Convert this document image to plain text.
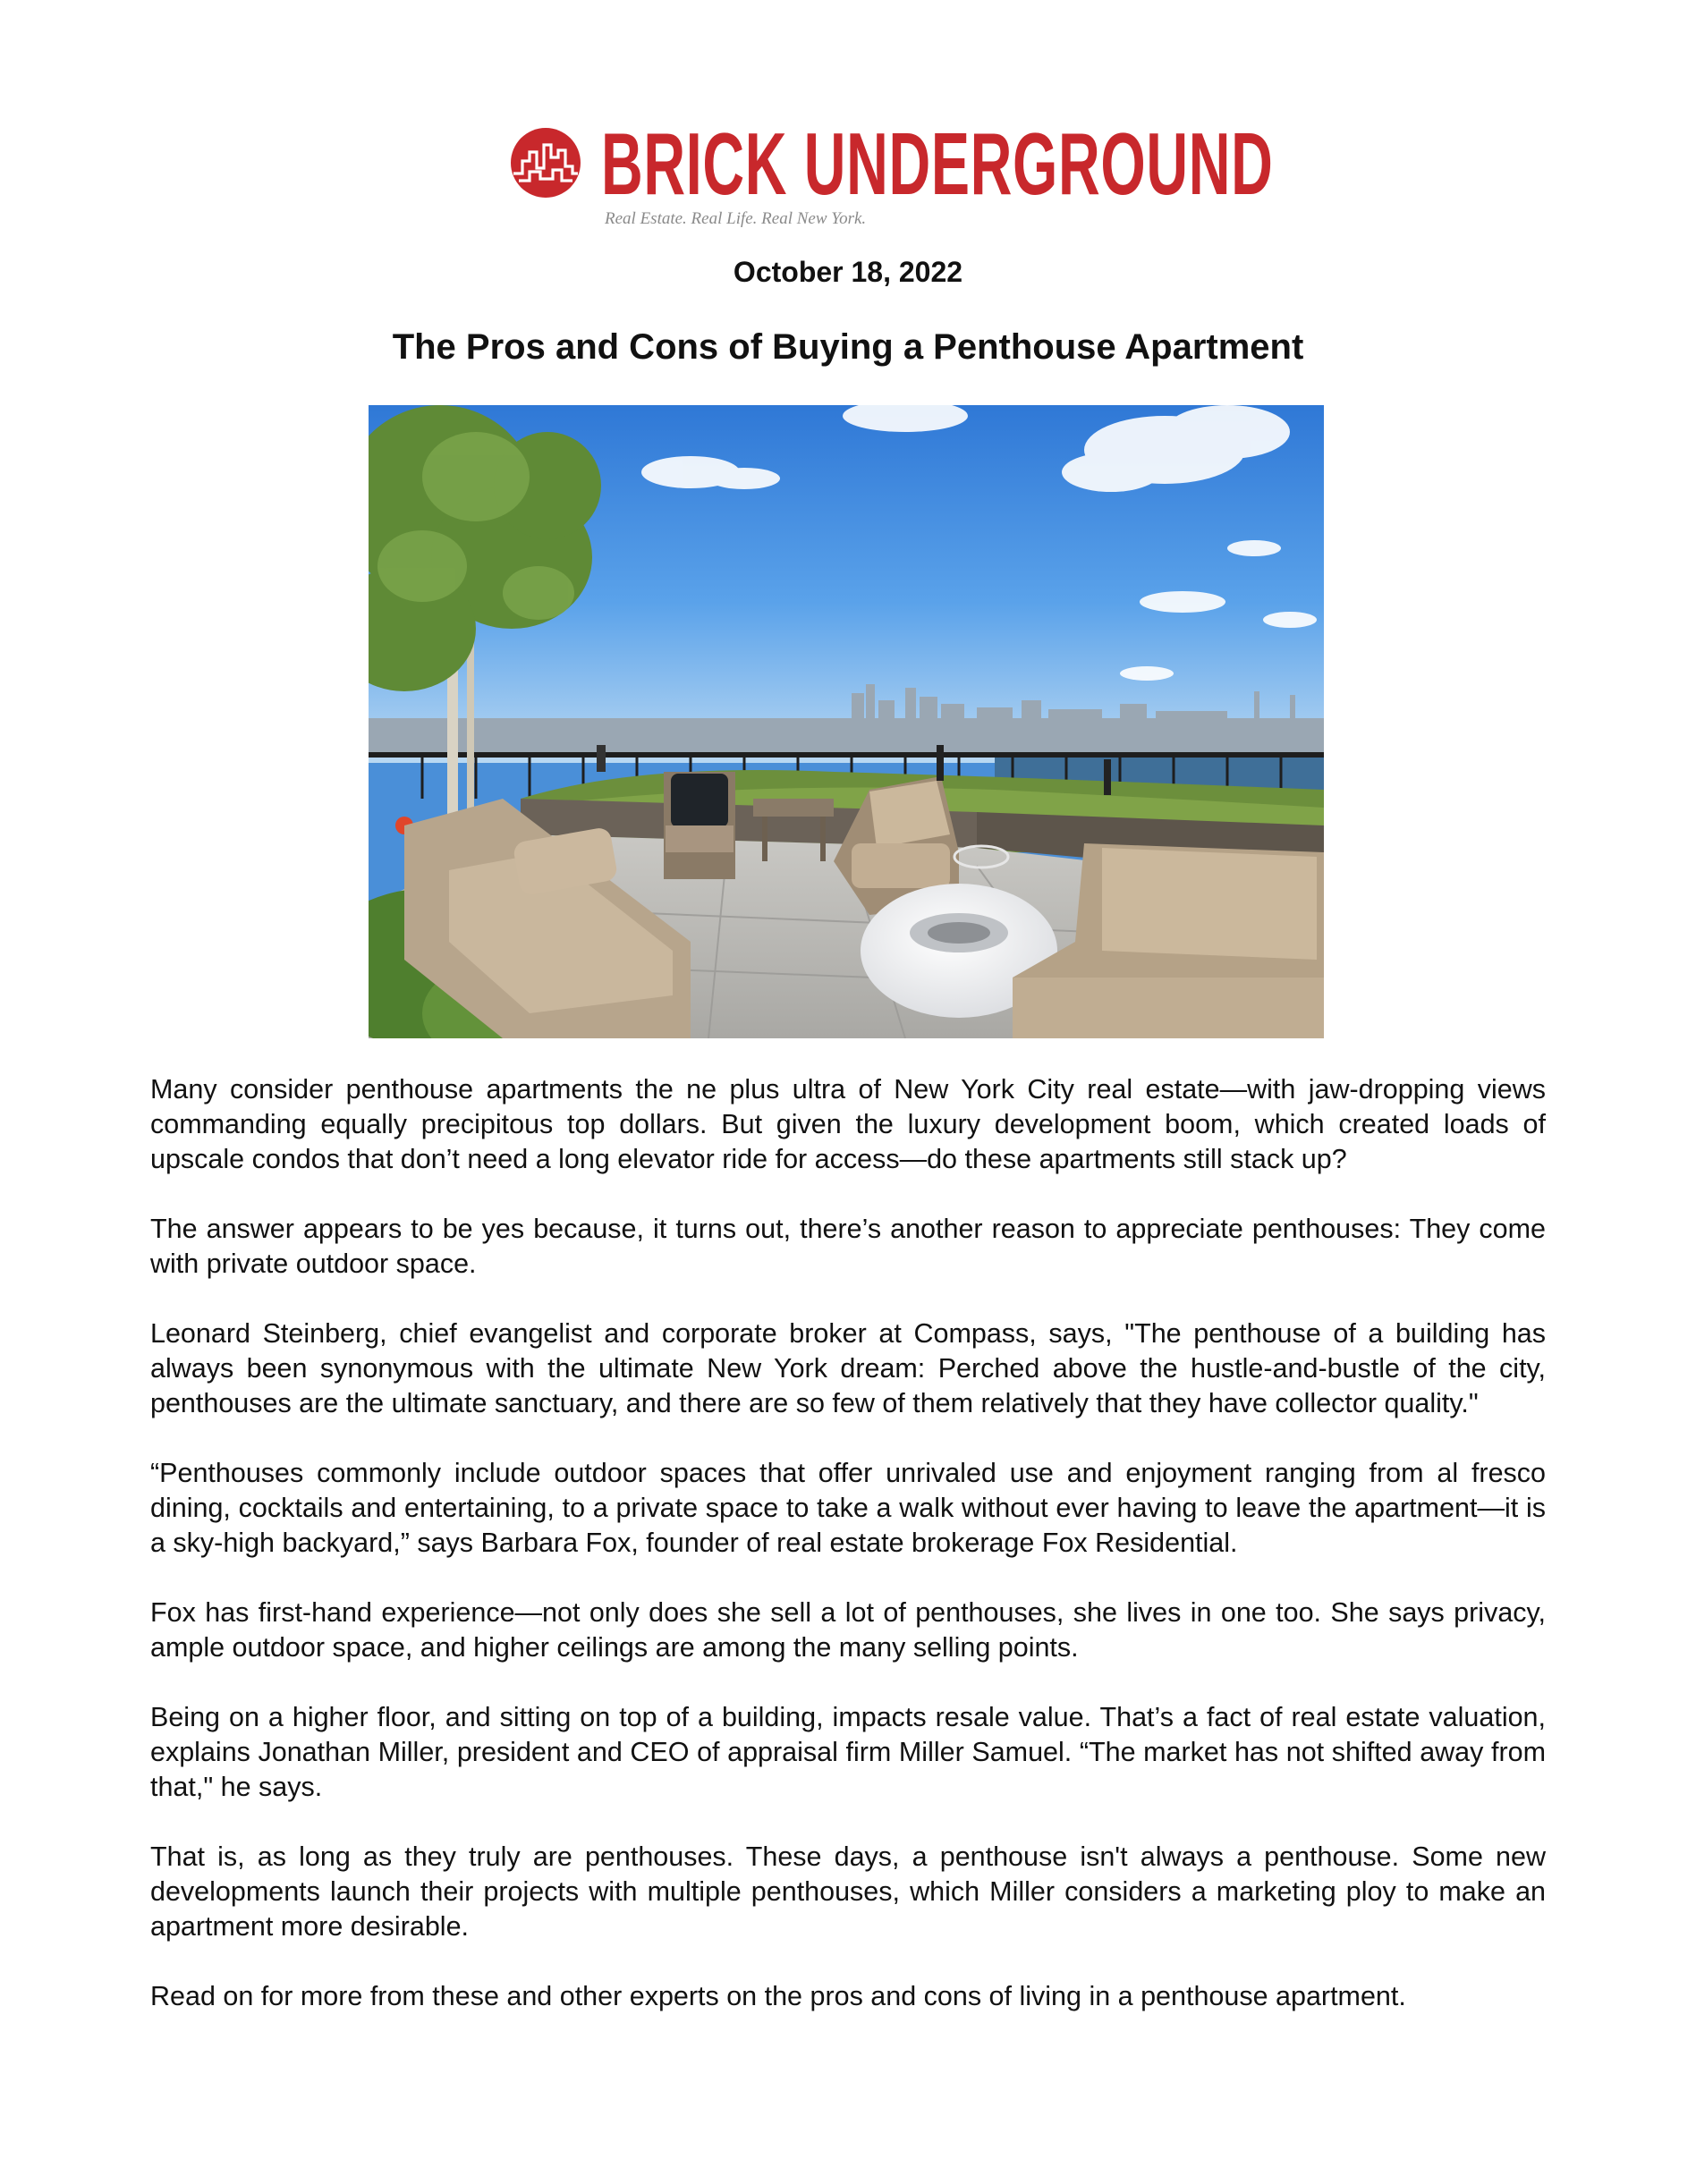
BRICK UNDERGROUND
Real Estate. Real Life. Real New York.
October 18, 2022
The Pros and Cons of Buying a Penthouse Apartment

Many consider penthouse apartments the ne plus ultra of New York City real estate—with jaw-dropping views commanding equally precipitous top dollars. But given the luxury development boom, which created loads of upscale condos that don’t need a long elevator ride for access—do these apartments still stack up?

The answer appears to be yes because, it turns out, there’s another reason to appreciate penthouses: They come with private outdoor space.

Leonard Steinberg, chief evangelist and corporate broker at Compass, says, "The penthouse of a building has always been synonymous with the ultimate New York dream: Perched above the hustle-and-bustle of the city, penthouses are the ultimate sanctuary, and there are so few of them relatively that they have collector quality."

“Penthouses commonly include outdoor spaces that offer unrivaled use and enjoyment ranging from al fresco dining, cocktails and entertaining, to a private space to take a walk without ever having to leave the apartment—it is a sky-high backyard,” says Barbara Fox, founder of real estate brokerage Fox Residential.

Fox has first-hand experience—not only does she sell a lot of penthouses, she lives in one too. She says privacy, ample outdoor space, and higher ceilings are among the many selling points.

Being on a higher floor, and sitting on top of a building, impacts resale value. That’s a fact of real estate valuation, explains Jonathan Miller, president and CEO of appraisal firm Miller Samuel. “The market has not shifted away from that," he says.

That is, as long as they truly are penthouses. These days, a penthouse isn't always a penthouse. Some new developments launch their projects with multiple penthouses, which Miller considers a marketing ploy to make an apartment more desirable.

Read on for more from these and other experts on the pros and cons of living in a penthouse apartment.
